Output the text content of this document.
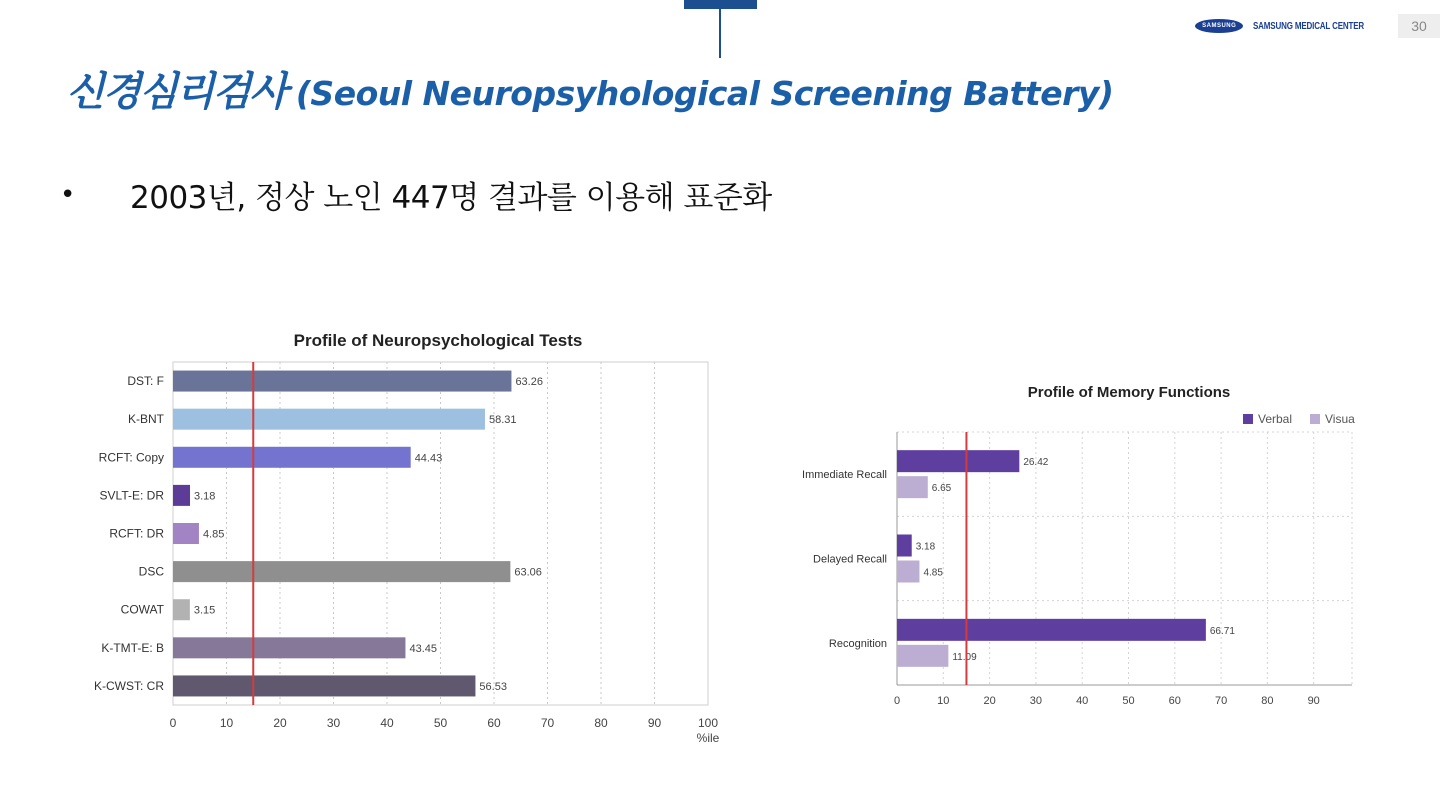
SAMSUNG	SAMSUNG MEDICAL CENTER	30
신경심리검사 (Seoul Neuropsyhological Screening Battery)
•	2003년, 정상 노인 447명 결과를 이용해 표준화
Profile of Neuropsychological Tests
0	10	20	30	40	50	60	70	80	90	100
%ile
DST: F	63.26
K-BNT	58.31
RCFT: Copy	44.43
SVLT-E: DR	3.18
RCFT: DR	4.85
DSC	63.06
COWAT	3.15
K-TMT-E: B	43.45
K-CWST: CR	56.53
Profile of Memory Functions
Verbal	Visua
0	10	20	30	40	50	60	70	80	90
Immediate Recall
26.42
6.65
Delayed Recall
3.18
4.85
Recognition
66.71
11.09
